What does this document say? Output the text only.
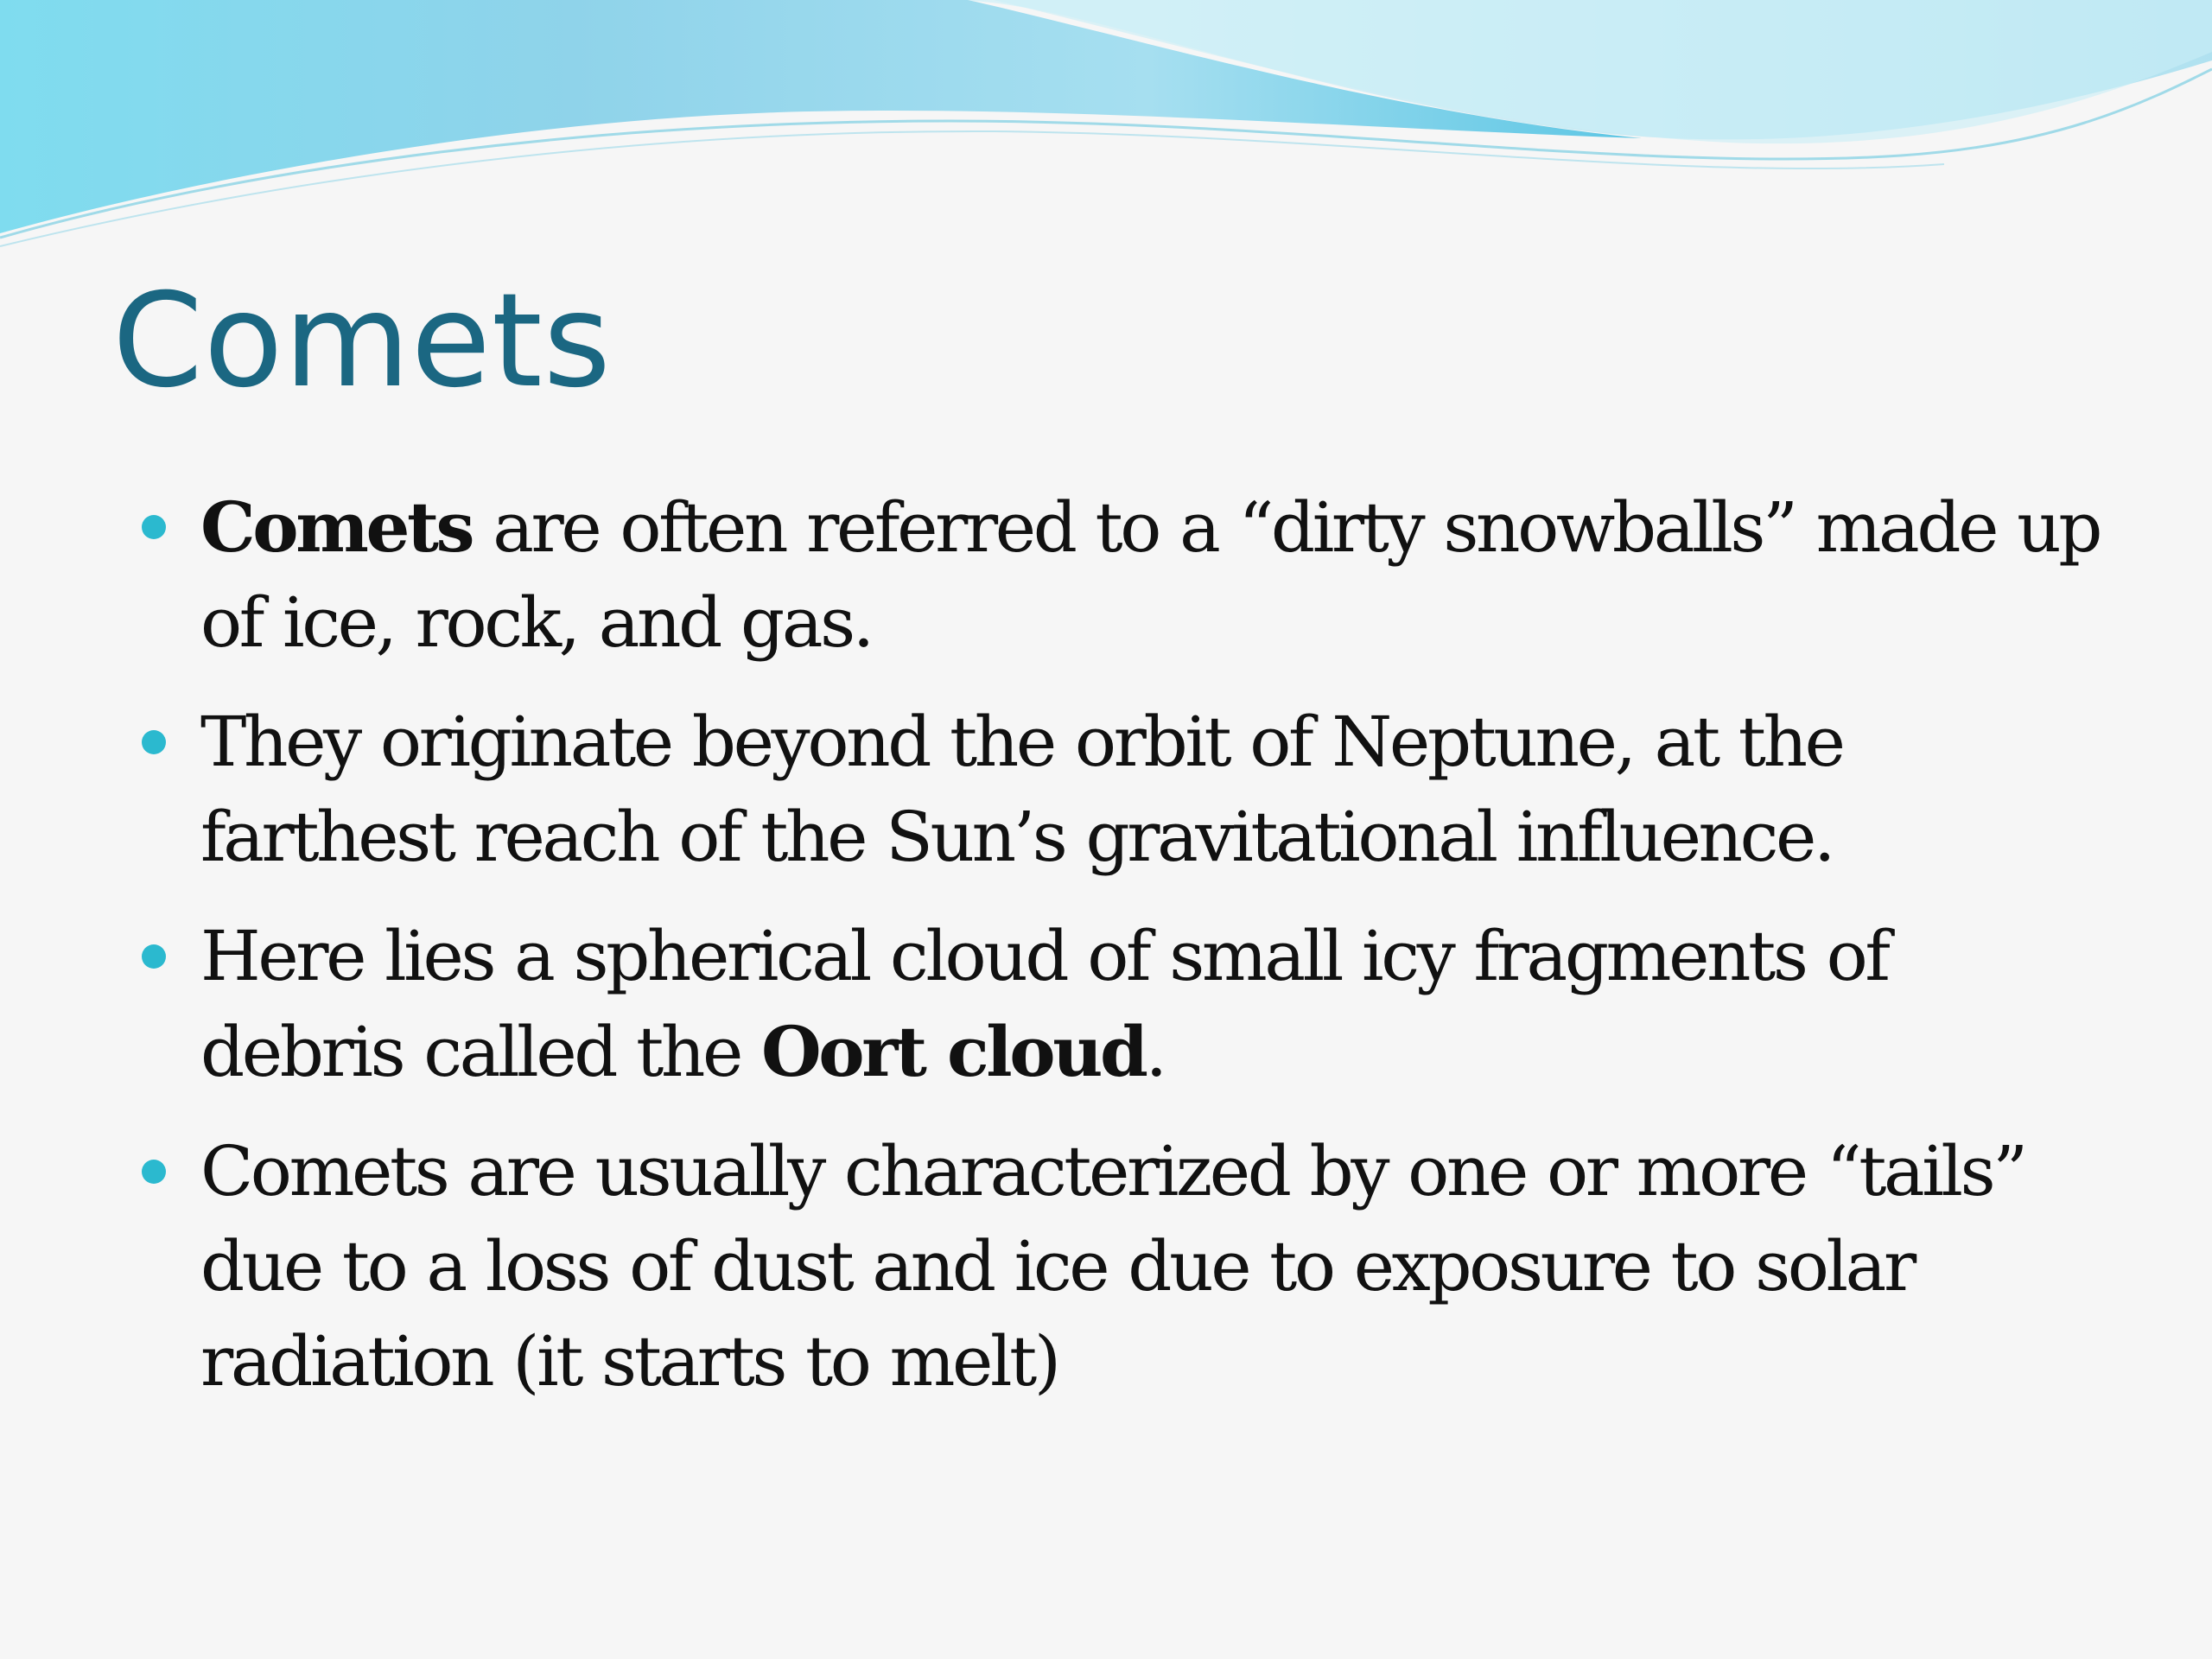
Comets
Comets are often referred to a “dirty snowballs” made up of ice, rock, and gas.
They originate beyond the orbit of Neptune, at the farthest reach of the Sun’s gravitational influence.
Here lies a spherical cloud of small icy fragments of debris called the Oort cloud.
Comets are usually characterized by one or more “tails” due to a loss of dust and ice due to exposure to solar radiation (it starts to melt)
